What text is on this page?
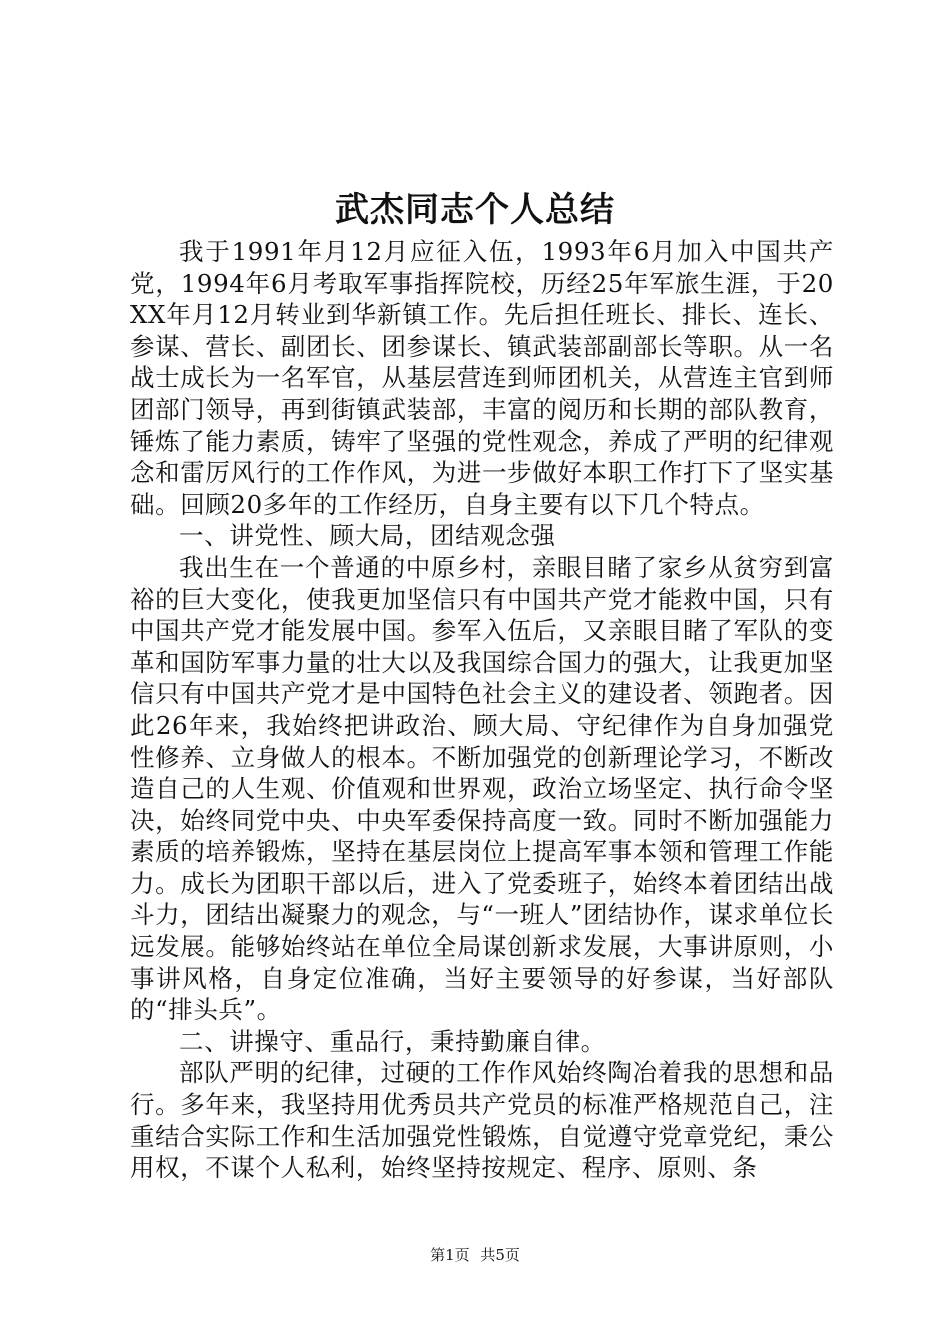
武杰同志个人总结

我于1991年月12月应征入伍，1993年6月加入中国共产党，1994年6月考取军事指挥院校，历经25年军旅生涯，于20XX年月12月转业到华新镇工作。先后担任班长、排长、连长、参谋、营长、副团长、团参谋长、镇武装部副部长等职。从一名战士成长为一名军官，从基层营连到师团机关，从营连主官到师团部门领导，再到街镇武装部，丰富的阅历和长期的部队教育，锤炼了能力素质，铸牢了坚强的党性观念，养成了严明的纪律观念和雷厉风行的工作作风，为进一步做好本职工作打下了坚实基础。回顾20多年的工作经历，自身主要有以下几个特点。

一、讲党性、顾大局，团结观念强

我出生在一个普通的中原乡村，亲眼目睹了家乡从贫穷到富裕的巨大变化，使我更加坚信只有中国共产党才能救中国，只有中国共产党才能发展中国。参军入伍后，又亲眼目睹了军队的变革和国防军事力量的壮大以及我国综合国力的强大，让我更加坚信只有中国共产党才是中国特色社会主义的建设者、领跑者。因此26年来，我始终把讲政治、顾大局、守纪律作为自身加强党性修养、立身做人的根本。不断加强党的创新理论学习，不断改造自己的人生观、价值观和世界观，政治立场坚定、执行命令坚决，始终同党中央、中央军委保持高度一致。同时不断加强能力素质的培养锻炼，坚持在基层岗位上提高军事本领和管理工作能力。成长为团职干部以后，进入了党委班子，始终本着团结出战斗力，团结出凝聚力的观念，与“一班人”团结协作，谋求单位长远发展。能够始终站在单位全局谋创新求发展，大事讲原则，小事讲风格，自身定位准确，当好主要领导的好参谋，当好部队的“排头兵”。

二、讲操守、重品行，秉持勤廉自律。

部队严明的纪律，过硬的工作作风始终陶冶着我的思想和品行。多年来，我坚持用优秀员共产党员的标准严格规范自己，注重结合实际工作和生活加强党性锻炼，自觉遵守党章党纪，秉公用权，不谋个人私利，始终坚持按规定、程序、原则、条

第1页 共5页
